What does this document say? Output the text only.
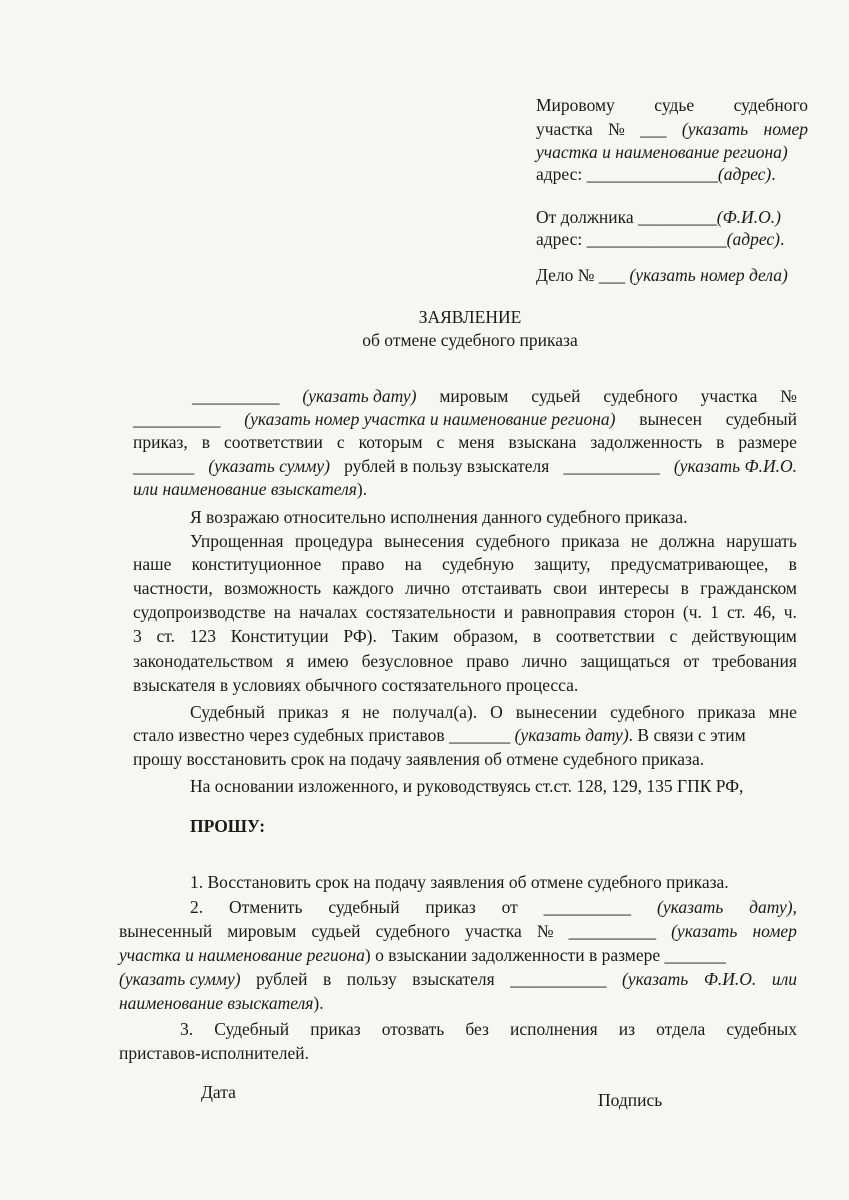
Мировому судье судебного
участка № ___ (указать номер
участка и наименование региона)
адрес: _______________(адрес).
От должника _________(Ф.И.О.)
адрес: ________________(адрес).
Дело № ___ (указать номер дела)
ЗАЯВЛЕНИЕ
об отмене судебного приказа
__________ (указать дату) мировым судьей судебного участка №
__________ (указать номер участка и наименование региона) вынесен судебный
приказ, в соответствии с которым с меня взыскана задолженность в размере
_______ (указать сумму) рублей в пользу взыскателя ___________ (указать Ф.И.О.
или наименование взыскателя).
Я возражаю относительно исполнения данного судебного приказа.
Упрощенная процедура вынесения судебного приказа не должна нарушать
наше конституционное право на судебную защиту, предусматривающее, в
частности, возможность каждого лично отстаивать свои интересы в гражданском
судопроизводстве на началах состязательности и равноправия сторон (ч. 1 ст. 46, ч.
3 ст. 123 Конституции РФ). Таким образом, в соответствии с действующим
законодательством я имею безусловное право лично защищаться от требования
взыскателя в условиях обычного состязательного процесса.
Судебный приказ я не получал(а). О вынесении судебного приказа мне
стало известно через судебных приставов _______ (указать дату). В связи с этим
прошу восстановить срок на подачу заявления об отмене судебного приказа.
На основании изложенного, и руководствуясь ст.ст. 128, 129, 135 ГПК РФ,
ПРОШУ:
1. Восстановить срок на подачу заявления об отмене судебного приказа.
2. Отменить судебный приказ от __________ (указать дату),
вынесенный мировым судьей судебного участка № __________ (указать номер
участка и наименование региона) о взыскании задолженности в размере _______
(указать сумму) рублей в пользу взыскателя ___________ (указать Ф.И.О. или
наименование взыскателя).
3. Судебный приказ отозвать без исполнения из отдела судебных
приставов-исполнителей.
Дата	Подпись
